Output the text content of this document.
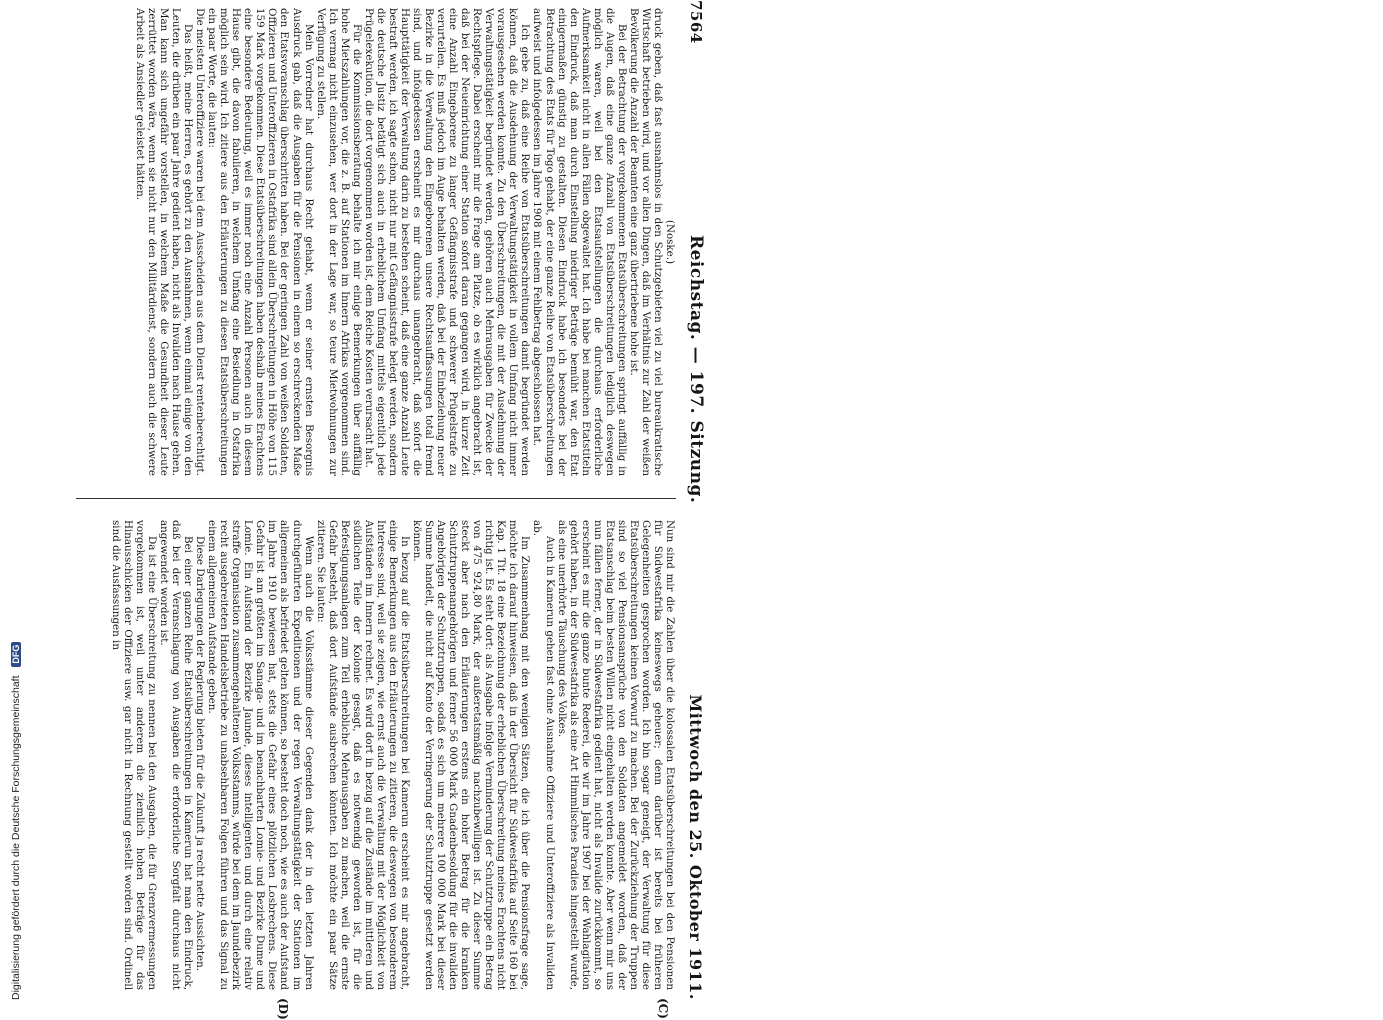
7564
Reichstag. — 197. Sitzung.
Mittwoch den 25. Oktober 1911.

(Noske.)

druck geben, daß fast ausnahmslos in den Schutzgebieten viel zu viel bureaukratische Wirtschaft betrieben wird, und vor allen Dingen, daß im Verhältnis zur Zahl der weißen Bevölkerung die Anzahl der Beamten eine ganz übertriebene hohe ist.

Bei der Betrachtung der vorgekommenen Etatsüberschreitungen springt auffällig in die Augen, daß eine ganze Anzahl von Etatsüberschreitungen lediglich deswegen möglich waren, weil bei den Etatsaufstellungen die durchaus erforderliche Aufmerksamkeit nicht in allen Fällen obgewaltet hat. Ich habe bei manchen Etatstiteln den Eindruck, daß man durch Einstellung niedriger Beträge bemüht war, den Etat einigermaßen günstig zu gestalten. Diesen Eindruck habe ich besonders bei der Betrachtung des Etats für Togo gehabt, der eine ganze Reihe von Etatsüberschreitungen aufweist und infolgedessen im Jahre 1908 mit einem Fehlbetrag abgeschlossen hat.

Ich gebe zu, daß eine Reihe von Etatsüberschreitungen damit begründet werden können, daß die Ausdehnung der Verwaltungstätigkeit in vollem Umfang nicht immer vorausgesehen werden konnte. Zu den Überschreitungen, die mit der Ausdehnung der Verwaltungstätigkeit begründet werden, gehören auch Mehrausgaben für Zwecke der Rechtspflege. Dabei erscheint mir die Frage am Platze, ob es wirklich angebracht ist, daß bei der Neueinrichtung einer Station sofort daran gegangen wird, in kurzer Zeit eine Anzahl Eingeborene zu langer Gefängnisstrafe und schwerer Prügelstrafe zu verurteilen. Es muß jedoch im Auge behalten werden, daß bei der Einbeziehung neuer Bezirke in die Verwaltung den Eingeborenen unsere Rechtsauffassungen total fremd sind, und infolgedessen erscheint es mir durchaus unangebracht, daß sofort die Haupttätigkeit der Verwaltung darin zu bestehen scheint, daß eine ganze Anzahl Leute bestraft werden, ich sagte schon, nicht nur mit Gefängnisstrafe belegt werden, sondern die deutsche Justiz betätigt sich auch in erheblichem Umfang mittels eigentlich jede Prügelexekution, die dort vorgenommen worden ist, dem Reiche Kosten verursacht hat.

Für die Kommissionsberatung behalte ich mir einige Bemerkungen über auffällig hohe Mietszahlungen vor, die z. B. auf Stationen im Innern Afrikas vorgenommen sind. Ich vermag nicht einzusehen, wer dort in der Lage war, so teure Mietwohnungen zur Verfügung zu stellen.

Mein Vorredner hat durchaus Recht gehabt, wenn er seiner ernsten Besorgnis Ausdruck gab, daß die Ausgaben für die Pensionen in einem so erschreckenden Maße den Etatsvoranschlag überschritten haben. Bei der geringen Zahl von weißen Soldaten, Offizieren und Unteroffizieren in Ostafrika sind allein Überschreitungen in Höhe von 115 159 Mark vorgekommen. Diese Etatsüberschreitungen haben deshalb meines Erachtens eine besondere Bedeutung, weil es immer noch eine Anzahl Personen auch in diesem Hause gibt, die davon fabulieren, in welchem Umfang eine Besiedlung in Ostafrika möglich sein wird. Ich zitiere aus den Erläuterungen zu diesen Etatsüberschreitungen ein paar Worte, die lauten:

Die meisten Unteroffiziere waren bei dem Ausscheiden aus dem Dienst rentenberechtigt.

Das heißt, meine Herren, es gehört zu den Ausnahmen, wenn einmal einige von den Leuten, die drüben ein paar Jahre gedient haben, nicht als Invaliden nach Hause gehen. Man kann sich ungefähr vorstellen, in welchem Maße die Gesundheit dieser Leute zerrüttet worden wäre, wenn sie nicht nur den Militärdienst, sondern auch die schwere Arbeit als Ansiedler geleistet hätten.

Nun sind mir die Zahlen über die kolossalen Etatsüberschreitungen bei den Pensionen für Südwestafrika keineswegs geheuer; denn darüber ist bereits bei früheren Gelegenheiten gesprochen worden. Ich bin sogar geneigt, der Verwaltung für diese Etatsüberschreitungen keinen Vorwurf zu machen. Bei der Zurückziehung der Truppen sind so viel Pensionsansprüche von den Soldaten angemeldet worden, daß der Etatsanschlag beim besten Willen nicht eingehalten werden konnte. Aber wenn mir uns nun fällen ferner, der in Südwestafrika gedient hat, nicht als Invalide zurückkommt, so erscheint es mir die ganze bunte Rederei, die wir im Jahre 1907 bei der Wahlagitation gehört haben, in der Südwestafrika als eine Art Himmlisches Paradies hingestellt wurde, als eine unerhörte Täuschung des Volkes.

Auch in Kamerun gehen fast ohne Ausnahme Offiziere und Unteroffiziere als Invaliden ab.

Im Zusammenhang mit den wenigen Sätzen, die ich über die Pensionsfrage sage, möchte ich darauf hinweisen, daß in der Übersicht für Südwestafrika auf Seite 160 bei Kap. 1 Tit. 18 eine Bezeichnung der erheblichen Überschreitung meines Erachtens nicht richtig ist. Es steht dort: als Ausgabe infolge Verminderung der Schutztruppe ein Betrag von 475 924,80 Mark, der außeretatsmäßig nachzubewilligen ist. Zu dieser Summe steckt aber nach den Erläuterungen erstens ein hoher Betrag für die kranken Schutztruppenangehörigen und ferner 56 000 Mark Gnadenbesoldung für die invaliden Angehörigen der Schutztruppen, sodaß es sich um mehrere 100 000 Mark bei dieser Summe handelt, die nicht auf Konto der Verringerung der Schutztruppe gesetzt werden können.

In bezug auf die Etatsüberschreitungen bei Kamerun erscheint es mir angebracht, einige Bemerkungen aus den Erläuterungen zu zitieren, die deswegen von besonderem Interesse sind, weil sie zeigen, wie ernst auch die Verwaltung mit der Möglichkeit von Aufständen im Innern rechnet. Es wird dort in bezug auf die Zustände im mittleren und südlichen Teile der Kolonie gesagt, daß es notwendig geworden ist, für die Befestigungsanlagen zum Teil erhebliche Mehrausgaben zu machen, weil die ernste Gefahr besteht, daß dort Aufstände ausbrechen könnten. Ich möchte ein paar Sätze zitieren. Sie lauten:

Wenn auch die Volksstämme dieser Gegenden dank der in den letzten Jahren durchgeführten Expeditionen und der regen Verwaltungstätigkeit der Stationen im allgemeinen als befriedet gelten können, so besteht doch noch, wie es auch der Aufstand im Jahre 1910 bewiesen hat, stets die Gefahr eines plötzlichen Losbrechens. Diese Gefahr ist am größten im Sanaga- und im benachbarten Lomie- und Bezirke Dume und Lomie. Ein Aufstand der Bezirke Jaunde, dieses intelligenten und durch eine relativ straffe Organisation zusammengehaltenen Volksstamms, würde bei dem im Jaundebezirk recht ausgebreiteten Handelsbetriebe zu unabsehbaren Folgen führen und das Signal zu einem allgemeinen Aufstande geben.

Diese Darlegungen der Regierung bieten für die Zukunft ja recht nette Aussichten.

Bei einer ganzen Reihe Etatsüberschreitungen in Kamerun hat man den Eindruck, daß bei der Veranschlagung von Ausgaben die erforderliche Sorgfalt durchaus nicht angewendet worden ist.

Da ist eine Überschreitung zu nennen bei den Ausgaben, die für Grenzvermessungen vorgekommen ist, weil unter anderem die ziemlich hohen Beträge für das Hinausschicken der Offiziere usw. gar nicht in Rechnung gestellt worden sind. Ordinell sind die Ausfassungen in

(C)
(D)
Digitalisierung gefördert durch die Deutsche Forschungsgemeinschaft DFG
